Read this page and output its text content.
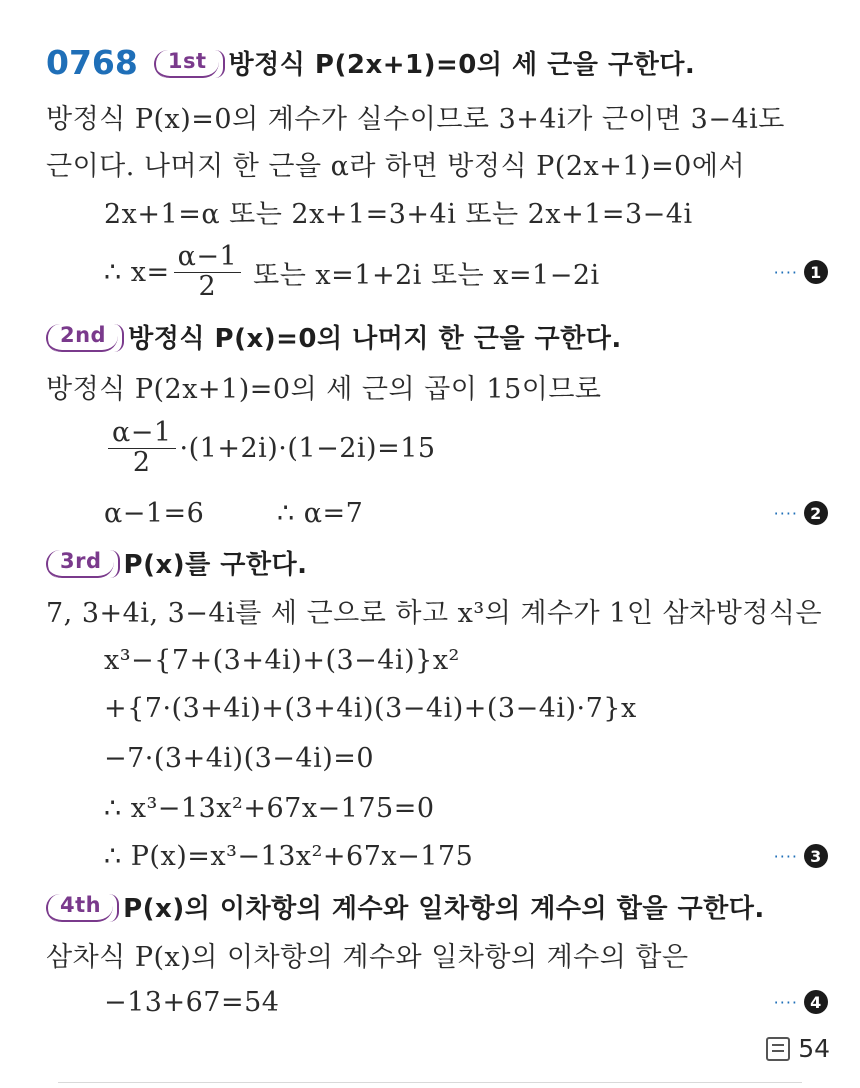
0768	1st 방정식 P(2x+1)=0의 세 근을 구한다.
방정식 P(x)=0의 계수가 실수이므로 3+4i가 근이면 3−4i도
근이다. 나머지 한 근을 α라 하면 방정식 P(2x+1)=0에서
2x+1=α 또는 2x+1=3+4i 또는 2x+1=3−4i
∴ $x= \frac{\alpha-1}{2}$ 또는 x=1+2i 또는 x=1−2i	···· 1
2nd 방정식 P(x)=0의 나머지 한 근을 구한다.
방정식 P(2x+1)=0의 세 근의 곱이 15이므로
$\frac{\alpha-1}{2} \cdot(1+2i)\cdot(1-2i)=15$
α−1=6        ∴ α=7	···· 2
3rd P(x)를 구한다.
7, 3+4i, 3−4i를 세 근으로 하고 x³의 계수가 1인 삼차방정식은
x³−{7+(3+4i)+(3−4i)}x²
+{7·(3+4i)+(3+4i)(3−4i)+(3−4i)·7}x
−7·(3+4i)(3−4i)=0
∴ x³−13x²+67x−175=0
∴ P(x)=x³−13x²+67x−175	···· 3
4th P(x)의 이차항의 계수와 일차항의 계수의 합을 구한다.
삼차식 P(x)의 이차항의 계수와 일차항의 계수의 합은
−13+67=54	···· 4
54
